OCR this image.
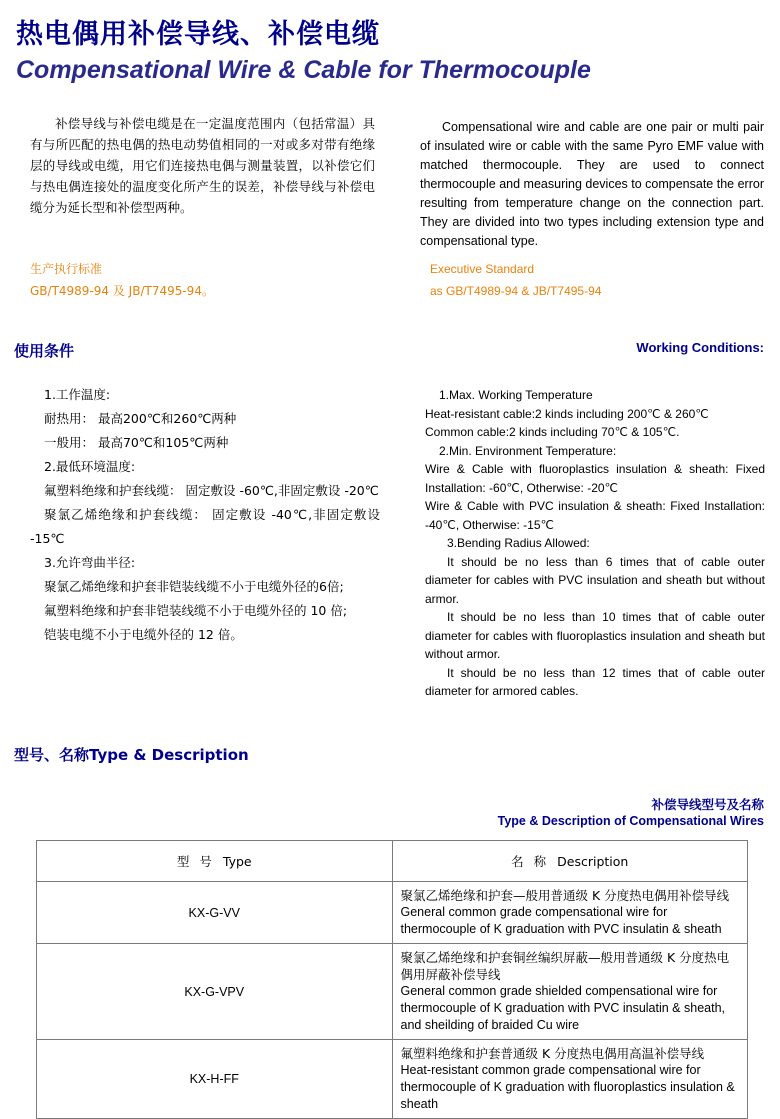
热电偶用补偿导线、补偿电缆
Compensational Wire & Cable for Thermocouple
补偿导线与补偿电缆是在一定温度范围内（包括常温）具有与所匹配的热电偶的热电动势值相同的一对或多对带有绝缘层的导线或电缆，用它们连接热电偶与测量装置，以补偿它们与热电偶连接处的温度变化所产生的误差，补偿导线与补偿电缆分为延长型和补偿型两种。
Compensational wire and cable are one pair or multi pair of insulated wire or cable with the same Pyro EMF value with matched thermocouple. They are used to connect thermocouple and measuring devices to compensate the error resulting from temperature change on the connection part. They are divided into two types including extension type and compensational type.
生产执行标准
GB/T4989-94 及 JB/T7495-94。
Executive Standard
as GB/T4989-94 & JB/T7495-94
使用条件	Working Conditions:
1.工作温度:
耐热用： 最高200℃和260℃两种
一般用： 最高70℃和105℃两种
2.最低环境温度:
氟塑料绝缘和护套线缆： 固定敷设 -60℃,非固定敷设 -20℃
聚氯乙烯绝缘和护套线缆： 固定敷设 -40℃,非固定敷设 -15℃
3.允许弯曲半径:
聚氯乙烯绝缘和护套非铠装线缆不小于电缆外径的6倍;
氟塑料绝缘和护套非铠装线缆不小于电缆外径的 10 倍;
铠装电缆不小于电缆外径的 12 倍。
1.Max. Working Temperature
Heat-resistant cable:2 kinds including 200℃ & 260℃
Common cable:2 kinds including 70℃ & 105℃.
2.Min. Environment Temperature:
Wire & Cable with fluoroplastics insulation & sheath: Fixed Installation: -60℃, Otherwise: -20℃
Wire & Cable with PVC insulation & sheath: Fixed Installation: -40℃, Otherwise: -15℃
3.Bending Radius Allowed:
It should be no less than 6 times that of cable outer diameter for cables with PVC insulation and sheath but without armor.
It should be no less than 10 times that of cable outer diameter for cables with fluoroplastics insulation and sheath but without armor.
It should be no less than 12 times that of cable outer diameter for armored cables.
型号、名称Type & Description
补偿导线型号及名称
Type & Description of Compensational Wires
型 号 Type	名 称 Description
KX-G-VV	聚氯乙烯绝缘和护套—般用普通级 K 分度热电偶用补偿导线
General common grade compensational wire for thermocouple of K graduation with PVC insulatin & sheath

KX-G-VPV	聚氯乙烯绝缘和护套铜丝编织屏蔽—般用普通级 K 分度热电偶用屏蔽补偿导线
General common grade shielded compensational wire for thermocouple of K graduation with PVC insulatin & sheath, and sheilding of braided Cu wire

KX-H-FF	氟塑料绝缘和护套普通级 K 分度热电偶用高温补偿导线
Heat-resistant common grade compensational wire for thermocouple of K graduation with fluoroplastics insulation & sheath
